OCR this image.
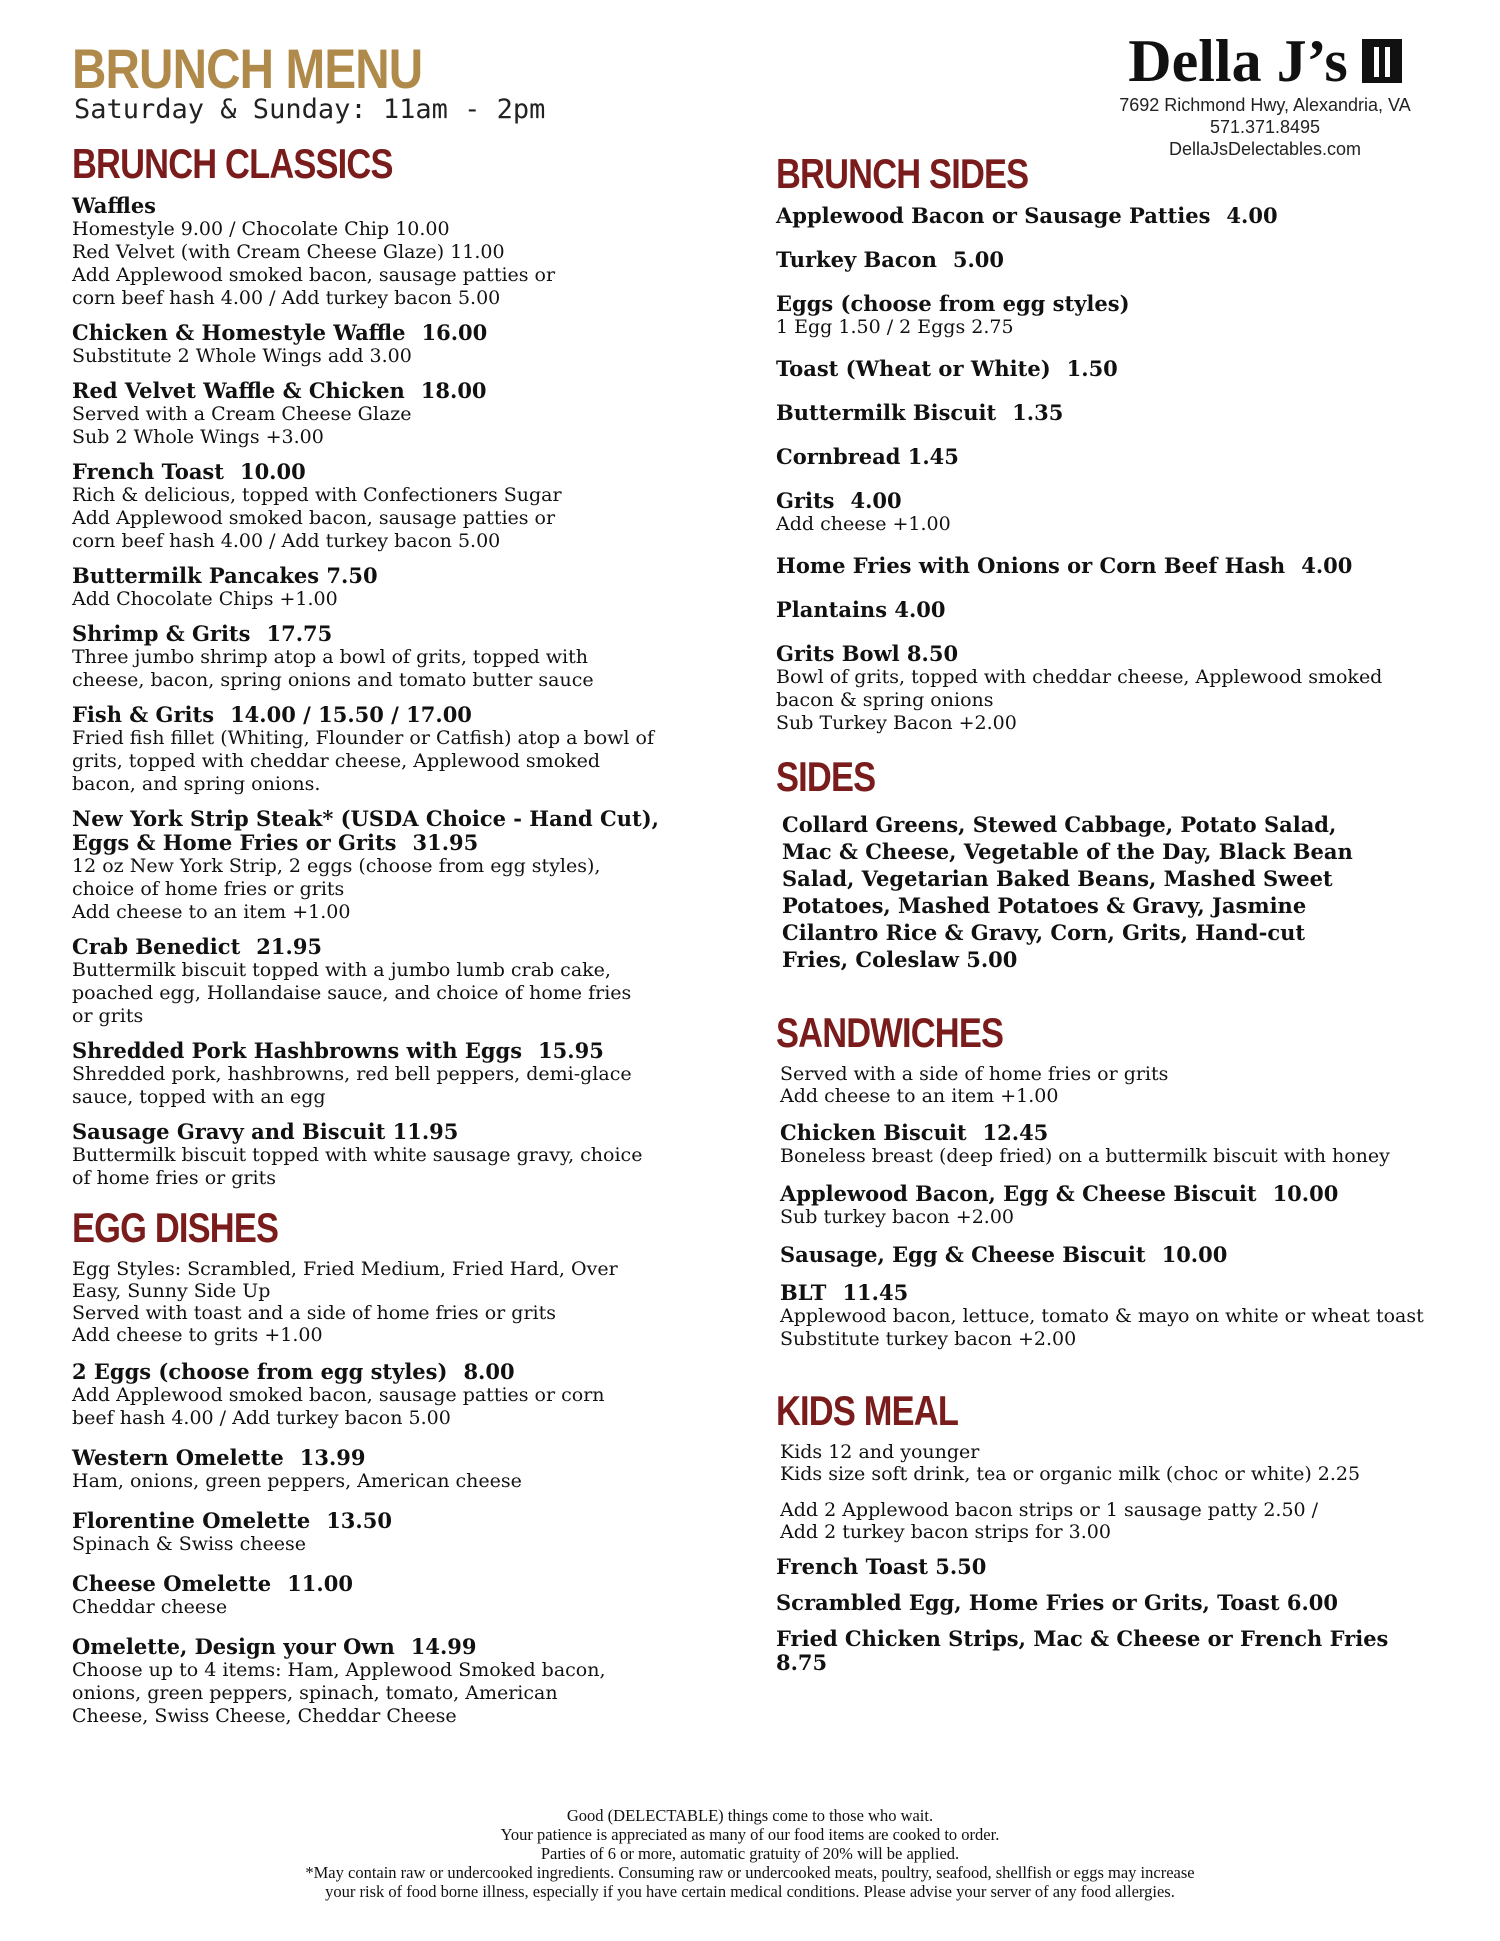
BRUNCH MENU
Saturday & Sunday: 11am - 2pm
Della J’s
7692 Richmond Hwy, Alexandria, VA
571.371.8495
DellaJsDelectables.com
BRUNCH CLASSICS
Waffles
Homestyle 9.00 / Chocolate Chip 10.00
Red Velvet (with Cream Cheese Glaze) 11.00
Add Applewood smoked bacon, sausage patties or
corn beef hash 4.00 / Add turkey bacon 5.00
Chicken & Homestyle Waffle 16.00
Substitute 2 Whole Wings add 3.00
Red Velvet Waffle & Chicken 18.00
Served with a Cream Cheese Glaze
Sub 2 Whole Wings +3.00
French Toast 10.00
Rich & delicious, topped with Confectioners Sugar
Add Applewood smoked bacon, sausage patties or
corn beef hash 4.00 / Add turkey bacon 5.00
Buttermilk Pancakes 7.50
Add Chocolate Chips +1.00
Shrimp & Grits 17.75
Three jumbo shrimp atop a bowl of grits, topped with
cheese, bacon, spring onions and tomato butter sauce
Fish & Grits 14.00 / 15.50 / 17.00
Fried fish fillet (Whiting, Flounder or Catfish) atop a bowl of
grits, topped with cheddar cheese, Applewood smoked
bacon, and spring onions.
New York Strip Steak* (USDA Choice - Hand Cut),
Eggs & Home Fries or Grits 31.95
12 oz New York Strip, 2 eggs (choose from egg styles),
choice of home fries or grits
Add cheese to an item +1.00
Crab Benedict 21.95
Buttermilk biscuit topped with a jumbo lumb crab cake,
poached egg, Hollandaise sauce, and choice of home fries
or grits
Shredded Pork Hashbrowns with Eggs 15.95
Shredded pork, hashbrowns, red bell peppers, demi-glace
sauce, topped with an egg
Sausage Gravy and Biscuit 11.95
Buttermilk biscuit topped with white sausage gravy, choice
of home fries or grits
EGG DISHES
Egg Styles: Scrambled, Fried Medium, Fried Hard, Over
Easy, Sunny Side Up
Served with toast and a side of home fries or grits
Add cheese to grits +1.00
2 Eggs (choose from egg styles) 8.00
Add Applewood smoked bacon, sausage patties or corn
beef hash 4.00 / Add turkey bacon 5.00
Western Omelette 13.99
Ham, onions, green peppers, American cheese
Florentine Omelette 13.50
Spinach & Swiss cheese
Cheese Omelette 11.00
Cheddar cheese
Omelette, Design your Own 14.99
Choose up to 4 items: Ham, Applewood Smoked bacon,
onions, green peppers, spinach, tomato, American
Cheese, Swiss Cheese, Cheddar Cheese
BRUNCH SIDES
Applewood Bacon or Sausage Patties 4.00
Turkey Bacon 5.00
Eggs (choose from egg styles)
1 Egg 1.50 / 2 Eggs 2.75
Toast (Wheat or White) 1.50
Buttermilk Biscuit 1.35
Cornbread 1.45
Grits 4.00
Add cheese +1.00
Home Fries with Onions or Corn Beef Hash 4.00
Plantains 4.00
Grits Bowl 8.50
Bowl of grits, topped with cheddar cheese, Applewood smoked
bacon & spring onions
Sub Turkey Bacon +2.00
SIDES
Collard Greens, Stewed Cabbage, Potato Salad,
Mac & Cheese, Vegetable of the Day, Black Bean
Salad, Vegetarian Baked Beans, Mashed Sweet
Potatoes, Mashed Potatoes & Gravy, Jasmine
Cilantro Rice & Gravy, Corn, Grits, Hand-cut
Fries, Coleslaw 5.00
SANDWICHES
Served with a side of home fries or grits
Add cheese to an item +1.00
Chicken Biscuit 12.45
Boneless breast (deep fried) on a buttermilk biscuit with honey
Applewood Bacon, Egg & Cheese Biscuit 10.00
Sub turkey bacon +2.00
Sausage, Egg & Cheese Biscuit 10.00
BLT 11.45
Applewood bacon, lettuce, tomato & mayo on white or wheat toast
Substitute turkey bacon +2.00
KIDS MEAL
Kids 12 and younger
Kids size soft drink, tea or organic milk (choc or white) 2.25
Add 2 Applewood bacon strips or 1 sausage patty 2.50 /
Add 2 turkey bacon strips for 3.00
French Toast 5.50
Scrambled Egg, Home Fries or Grits, Toast 6.00
Fried Chicken Strips, Mac & Cheese or French Fries
8.75
Good (DELECTABLE) things come to those who wait.
Your patience is appreciated as many of our food items are cooked to order.
Parties of 6 or more, automatic gratuity of 20% will be applied.
*May contain raw or undercooked ingredients. Consuming raw or undercooked meats, poultry, seafood, shellfish or eggs may increase
your risk of food borne illness, especially if you have certain medical conditions. Please advise your server of any food allergies.
